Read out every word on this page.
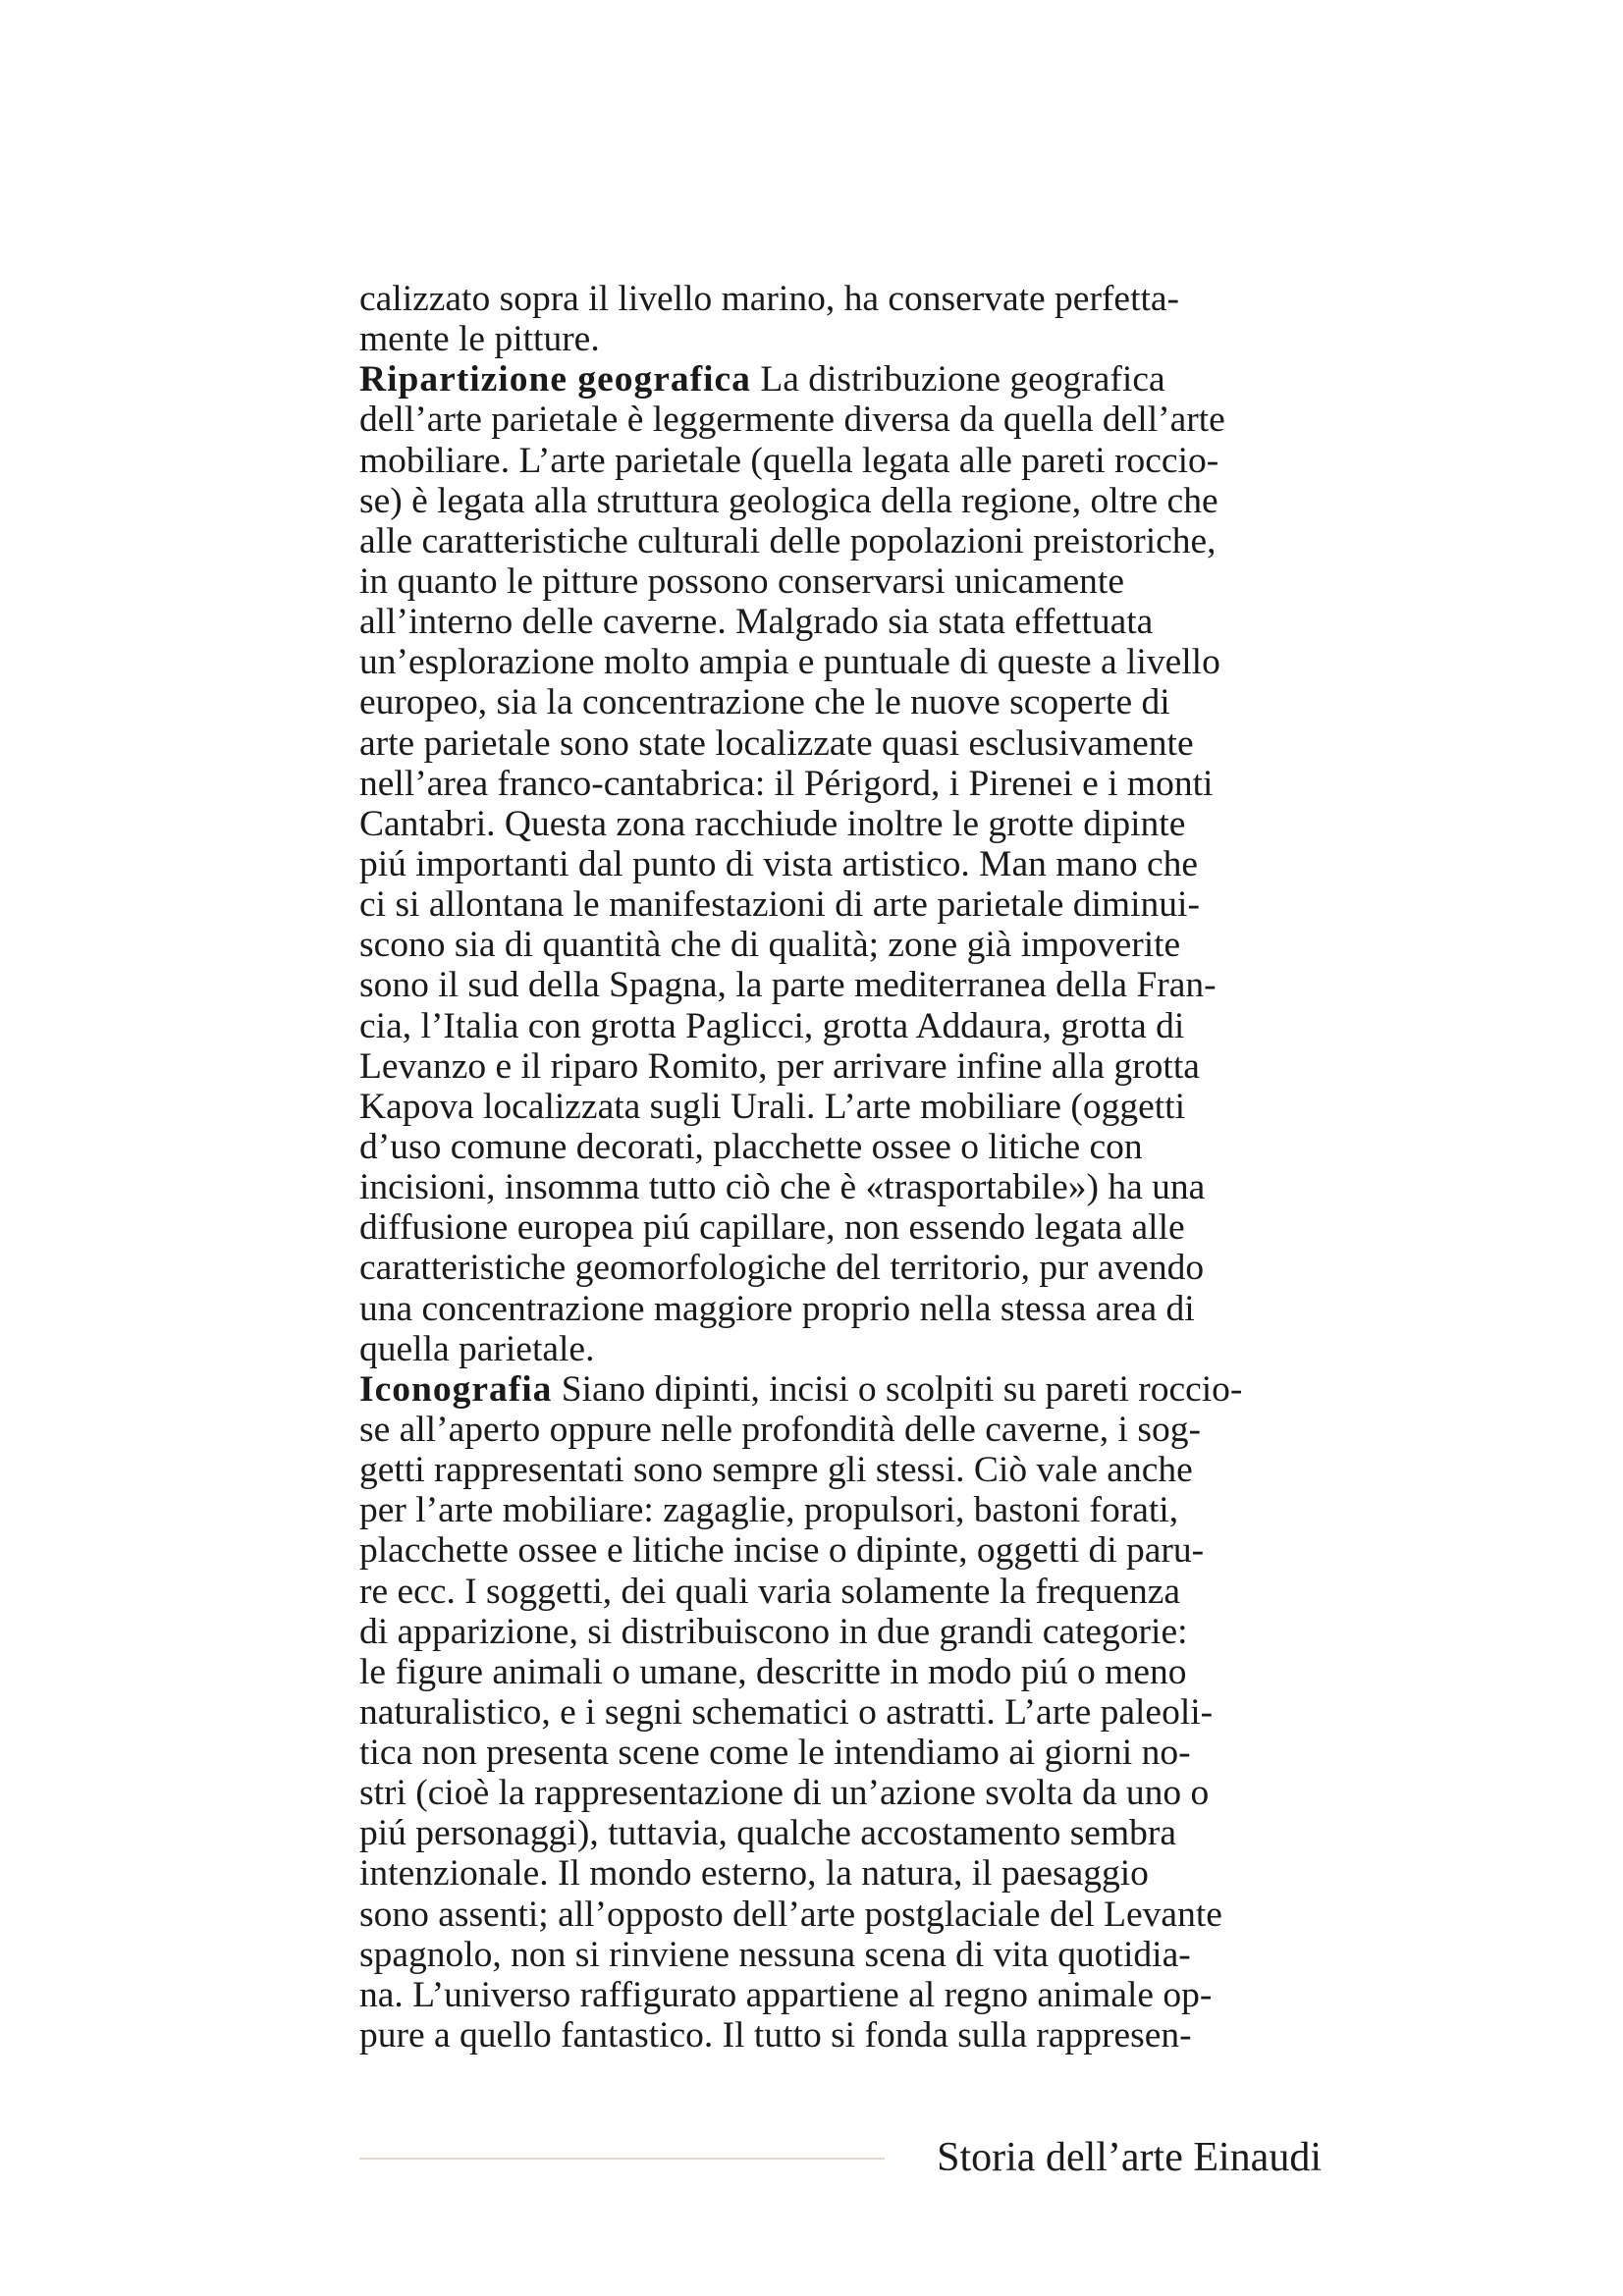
calizzato sopra il livello marino, ha conservate perfetta-
mente le pitture.
Ripartizione geografica La distribuzione geografica
dell’arte parietale è leggermente diversa da quella dell’arte
mobiliare. L’arte parietale (quella legata alle pareti roccio-
se) è legata alla struttura geologica della regione, oltre che
alle caratteristiche culturali delle popolazioni preistoriche,
in quanto le pitture possono conservarsi unicamente
all’interno delle caverne. Malgrado sia stata effettuata
un’esplorazione molto ampia e puntuale di queste a livello
europeo, sia la concentrazione che le nuove scoperte di
arte parietale sono state localizzate quasi esclusivamente
nell’area franco-cantabrica: il Périgord, i Pirenei e i monti
Cantabri. Questa zona racchiude inoltre le grotte dipinte
piú importanti dal punto di vista artistico. Man mano che
ci si allontana le manifestazioni di arte parietale diminui-
scono sia di quantità che di qualità; zone già impoverite
sono il sud della Spagna, la parte mediterranea della Fran-
cia, l’Italia con grotta Paglicci, grotta Addaura, grotta di
Levanzo e il riparo Romito, per arrivare infine alla grotta
Kapova localizzata sugli Urali. L’arte mobiliare (oggetti
d’uso comune decorati, placchette ossee o litiche con
incisioni, insomma tutto ciò che è «trasportabile») ha una
diffusione europea piú capillare, non essendo legata alle
caratteristiche geomorfologiche del territorio, pur avendo
una concentrazione maggiore proprio nella stessa area di
quella parietale.
Iconografia Siano dipinti, incisi o scolpiti su pareti roccio-
se all’aperto oppure nelle profondità delle caverne, i sog-
getti rappresentati sono sempre gli stessi. Ciò vale anche
per l’arte mobiliare: zagaglie, propulsori, bastoni forati,
placchette ossee e litiche incise o dipinte, oggetti di paru-
re ecc. I soggetti, dei quali varia solamente la frequenza
di apparizione, si distribuiscono in due grandi categorie:
le figure animali o umane, descritte in modo piú o meno
naturalistico, e i segni schematici o astratti. L’arte paleoli-
tica non presenta scene come le intendiamo ai giorni no-
stri (cioè la rappresentazione di un’azione svolta da uno o
piú personaggi), tuttavia, qualche accostamento sembra
intenzionale. Il mondo esterno, la natura, il paesaggio
sono assenti; all’opposto dell’arte postglaciale del Levante
spagnolo, non si rinviene nessuna scena di vita quotidia-
na. L’universo raffigurato appartiene al regno animale op-
pure a quello fantastico. Il tutto si fonda sulla rappresen-
Storia dell’arte Einaudi
